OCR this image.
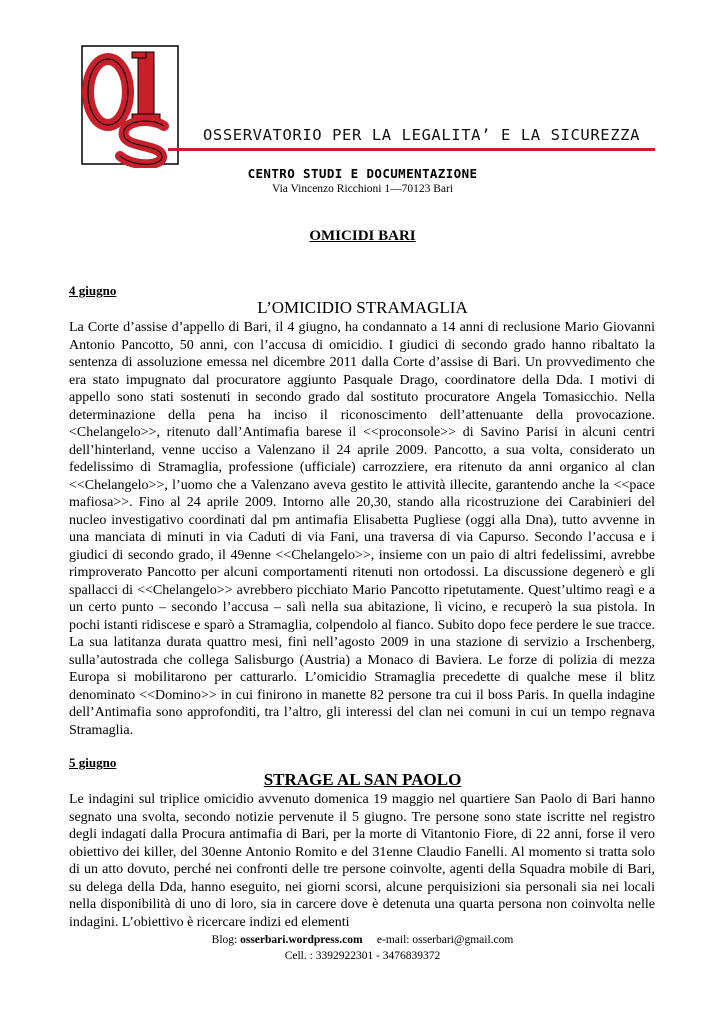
OSSERVATORIO PER LA LEGALITA’ E LA SICUREZZA
CENTRO STUDI E DOCUMENTAZIONE
Via Vincenzo Ricchioni 1—70123 Bari
OMICIDI BARI
4 giugno
L’OMICIDIO STRAMAGLIA
La Corte d’assise d’appello di Bari, il 4 giugno, ha condannato a 14 anni di reclusione Mario Giovanni Antonio Pancotto, 50 anni, con l’accusa di omicidio. I giudici di secondo grado hanno ribaltato la sentenza di assoluzione emessa nel dicembre 2011 dalla Corte d’assise di Bari. Un provvedimento che era stato impugnato dal procuratore aggiunto Pasquale Drago, coordinatore della Dda. I motivi di appello sono stati sostenuti in secondo grado dal sostituto procuratore Angela Tomasicchio. Nella determinazione della pena ha inciso il riconoscimento dell’attenuante della provocazione. <Chelangelo>>, ritenuto dall’Antimafia barese il <<proconsole>> di Savino Parisi in alcuni centri dell’hinterland, venne ucciso a Valenzano il 24 aprile 2009. Pancotto, a sua volta, considerato un fedelissimo di Stramaglia, professione (ufficiale) carrozziere, era ritenuto da anni organico al clan <<Chelangelo>>, l’uomo che a Valenzano aveva gestito le attività illecite, garantendo anche la <<pace mafiosa>>. Fino al 24 aprile 2009. Intorno alle 20,30, stando alla ricostruzione dei Carabinieri del nucleo investigativo coordinati dal pm antimafia Elisabetta Pugliese (oggi alla Dna), tutto avvenne in una manciata di minuti in via Caduti di via Fani, una traversa di via Capurso. Secondo l’accusa e i giudici di secondo grado, il 49enne <<Chelangelo>>, insieme con un paio di altri fedelissimi, avrebbe rimproverato Pancotto per alcuni comportamenti ritenuti non ortodossi. La discussione degenerò e gli spallacci di <<Chelangelo>> avrebbero picchiato Mario Pancotto ripetutamente. Quest’ultimo reagì e a un certo punto – secondo l’accusa – salì nella sua abitazione, lì vicino, e recuperò la sua pistola. In pochi istanti ridiscese e sparò a Stramaglia, colpendolo al fianco. Subito dopo fece perdere le sue tracce. La sua latitanza durata quattro mesi, finì nell’agosto 2009 in una stazione di servizio a Irschenberg, sulla’autostrada che collega Salisburgo (Austria) a Monaco di Baviera. Le forze di polizia di mezza Europa si mobilitarono per catturarlo. L’omicidio Stramaglia precedette di qualche mese il blitz denominato <<Domino>> in cui finirono in manette 82 persone tra cui il boss Paris. In quella indagine dell’Antimafia sono approfonditi, tra l’altro, gli interessi del clan nei comuni in cui un tempo regnava Stramaglia.
5 giugno
STRAGE AL SAN PAOLO
Le indagini sul triplice omicidio avvenuto domenica 19 maggio nel quartiere San Paolo di Bari hanno segnato una svolta, secondo notizie pervenute il 5 giugno. Tre persone sono state iscritte nel registro degli indagati dalla Procura antimafia di Bari, per la morte di Vitantonio Fiore, di 22 anni, forse il vero obiettivo dei killer, del 30enne Antonio Romito e del 31enne Claudio Fanelli. Al momento si tratta solo di un atto dovuto, perché nei confronti delle tre persone coinvolte, agenti della Squadra mobile di Bari, su delega della Dda, hanno eseguito, nei giorni scorsi, alcune perquisizioni sia personali sia nei locali nella disponibilità di uno di loro, sia in carcere dove è detenuta una quarta persona non coinvolta nelle indagini. L’obiettivo è ricercare indizi ed elementi
Blog: osserbari.wordpress.com e-mail: osserbari@gmail.com
Cell. : 3392922301 - 3476839372
